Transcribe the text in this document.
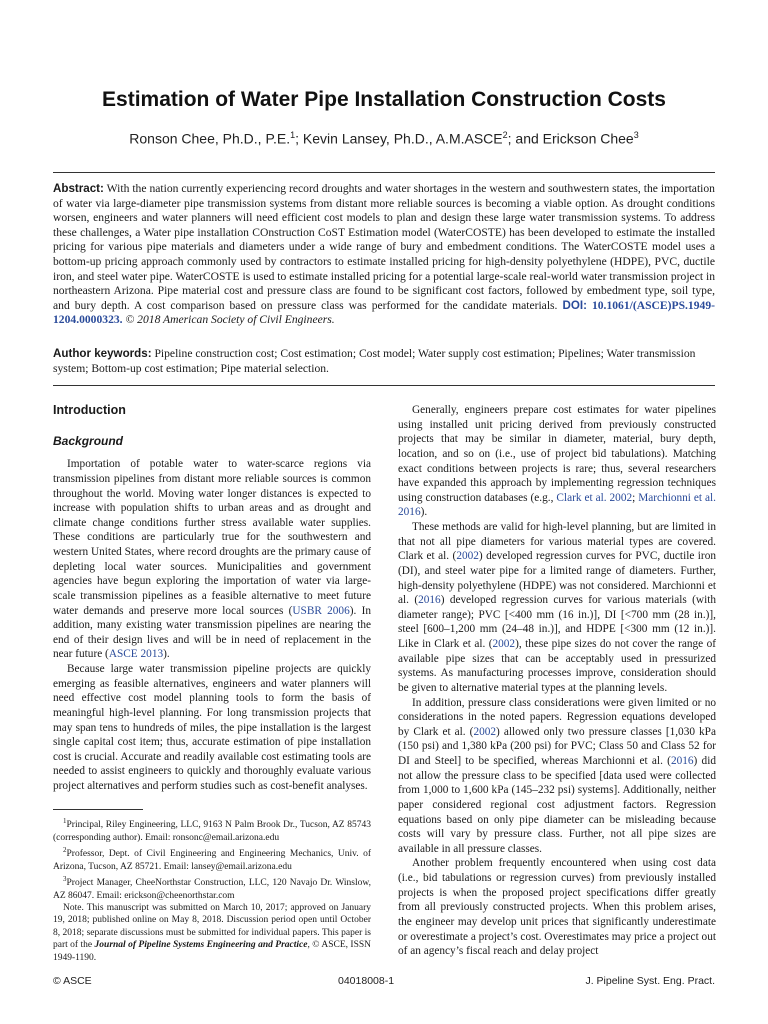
Estimation of Water Pipe Installation Construction Costs
Ronson Chee, Ph.D., P.E.$^1$; Kevin Lansey, Ph.D., A.M.ASCE$^2$; and Erickson Chee$^3$
Abstract: With the nation currently experiencing record droughts and water shortages in the western and southwestern states, the importation of water via large-diameter pipe transmission systems from distant more reliable sources is becoming a viable option. As drought conditions worsen, engineers and water planners will need efficient cost models to plan and design these large water transmission systems. To address these challenges, a Water pipe installation COnstruction CoST Estimation model (WaterCOSTE) has been developed to estimate the installed pricing for various pipe materials and diameters under a wide range of bury and embedment conditions. The WaterCOSTE model uses a bottom-up pricing approach commonly used by contractors to estimate installed pricing for high-density polyethylene (HDPE), PVC, ductile iron, and steel water pipe. WaterCOSTE is used to estimate installed pricing for a potential large-scale real-world water transmission project in northeastern Arizona. Pipe material cost and pressure class are found to be significant cost factors, followed by embedment type, soil type, and bury depth. A cost comparison based on pressure class was performed for the candidate materials. DOI: 10.1061/(ASCE)PS.1949-1204.0000323. © 2018 American Society of Civil Engineers.
Author keywords: Pipeline construction cost; Cost estimation; Cost model; Water supply cost estimation; Pipelines; Water transmission system; Bottom-up cost estimation; Pipe material selection.
Introduction
Background

Importation of potable water to water-scarce regions via transmission pipelines from distant more reliable sources is common throughout the world. Moving water longer distances is expected to increase with population shifts to urban areas and as drought and climate change conditions further stress available water supplies. These conditions are particularly true for the southwestern and western United States, where record droughts are the primary cause of depleting local water sources. Municipalities and government agencies have begun exploring the importation of water via large-scale transmission pipelines as a feasible alternative to meet future water demands and preserve more local sources (USBR 2006). In addition, many existing water transmission pipelines are nearing the end of their design lives and will be in need of replacement in the near future (ASCE 2013).

Because large water transmission pipeline projects are quickly emerging as feasible alternatives, engineers and water planners will need effective cost model planning tools to form the basis of meaningful high-level planning. For long transmission projects that may span tens to hundreds of miles, the pipe installation is the largest single capital cost item; thus, accurate estimation of pipe installation cost is crucial. Accurate and readily available cost estimating tools are needed to assist engineers to quickly and thoroughly evaluate various project alternatives and perform studies such as cost-benefit analyses.

$^1$Principal, Riley Engineering, LLC, 9163 N Palm Brook Dr., Tucson, AZ 85743 (corresponding author). Email: ronsonc@email.arizona.edu

$^2$Professor, Dept. of Civil Engineering and Engineering Mechanics, Univ. of Arizona, Tucson, AZ 85721. Email: lansey@email.arizona.edu

$^3$Project Manager, CheeNorthstar Construction, LLC, 120 Navajo Dr. Winslow, AZ 86047. Email: erickson@cheenorthstar.com

Note. This manuscript was submitted on March 10, 2017; approved on January 19, 2018; published online on May 8, 2018. Discussion period open until October 8, 2018; separate discussions must be submitted for individual papers. This paper is part of the Journal of Pipeline Systems Engineering and Practice, © ASCE, ISSN 1949-1190.

Generally, engineers prepare cost estimates for water pipelines using installed unit pricing derived from previously constructed projects that may be similar in diameter, material, bury depth, location, and so on (i.e., use of project bid tabulations). Matching exact conditions between projects is rare; thus, several researchers have expanded this approach by implementing regression techniques using construction databases (e.g., Clark et al. 2002; Marchionni et al. 2016).

These methods are valid for high-level planning, but are limited in that not all pipe diameters for various material types are covered. Clark et al. (2002) developed regression curves for PVC, ductile iron (DI), and steel water pipe for a limited range of diameters. Further, high-density polyethylene (HDPE) was not considered. Marchionni et al. (2016) developed regression curves for various materials (with diameter range); PVC [<400 mm (16 in.)], DI [<700 mm (28 in.)], steel [600–1,200 mm (24–48 in.)], and HDPE [<300 mm (12 in.)]. Like in Clark et al. (2002), these pipe sizes do not cover the range of available pipe sizes that can be acceptably used in pressurized systems. As manufacturing processes improve, consideration should be given to alternative material types at the planning levels.

In addition, pressure class considerations were given limited or no considerations in the noted papers. Regression equations developed by Clark et al. (2002) allowed only two pressure classes [1,030 kPa (150 psi) and 1,380 kPa (200 psi) for PVC; Class 50 and Class 52 for DI and Steel] to be specified, whereas Marchionni et al. (2016) did not allow the pressure class to be specified [data used were collected from 1,000 to 1,600 kPa (145–232 psi) systems]. Additionally, neither paper considered regional cost adjustment factors. Regression equations based on only pipe diameter can be misleading because costs will vary by pressure class. Further, not all pipe sizes are available in all pressure classes.

Another problem frequently encountered when using cost data (i.e., bid tabulations or regression curves) from previously installed projects is when the proposed project specifications differ greatly from all previously constructed projects. When this problem arises, the engineer may develop unit prices that significantly underestimate or overestimate a project’s cost. Overestimates may price a project out of an agency’s fiscal reach and delay project

© ASCE	04018008-1	J. Pipeline Syst. Eng. Pract.
